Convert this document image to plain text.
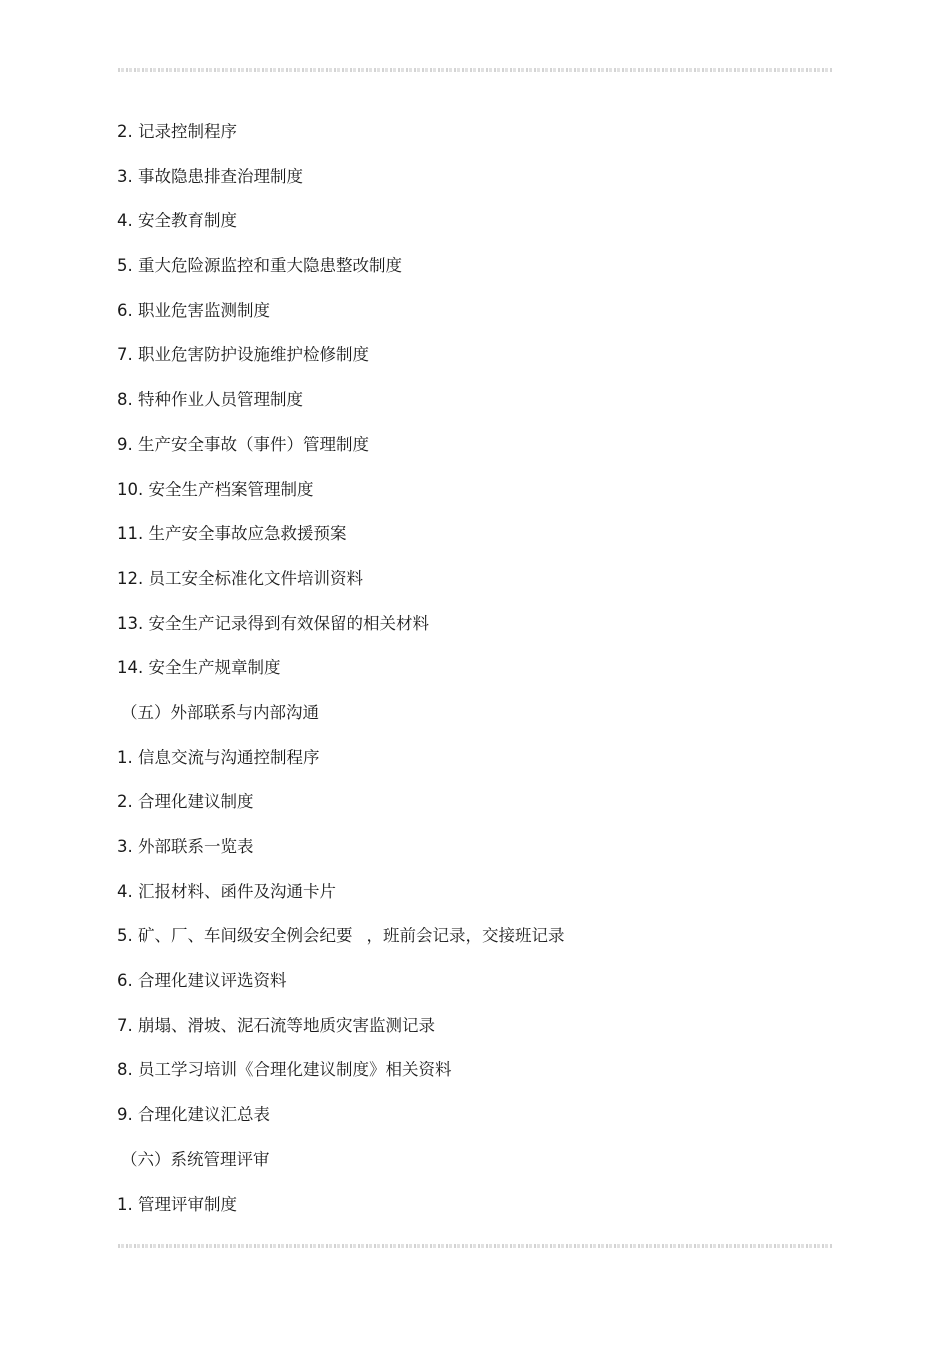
2. 记录控制程序
3. 事故隐患排查治理制度
4. 安全教育制度
5. 重大危险源监控和重大隐患整改制度
6. 职业危害监测制度
7. 职业危害防护设施维护检修制度
8. 特种作业人员管理制度
9. 生产安全事故（事件）管理制度
10. 安全生产档案管理制度
11. 生产安全事故应急救援预案
12. 员工安全标准化文件培训资料
13. 安全生产记录得到有效保留的相关材料
14. 安全生产规章制度
（五）外部联系与内部沟通
1. 信息交流与沟通控制程序
2. 合理化建议制度
3. 外部联系一览表
4. 汇报材料、函件及沟通卡片
5. 矿、厂、车间级安全例会纪要 ，班前会记录，交接班记录
6. 合理化建议评选资料
7. 崩塌、滑坡、泥石流等地质灾害监测记录
8. 员工学习培训《合理化建议制度》相关资料
9. 合理化建议汇总表
（六）系统管理评审
1. 管理评审制度
